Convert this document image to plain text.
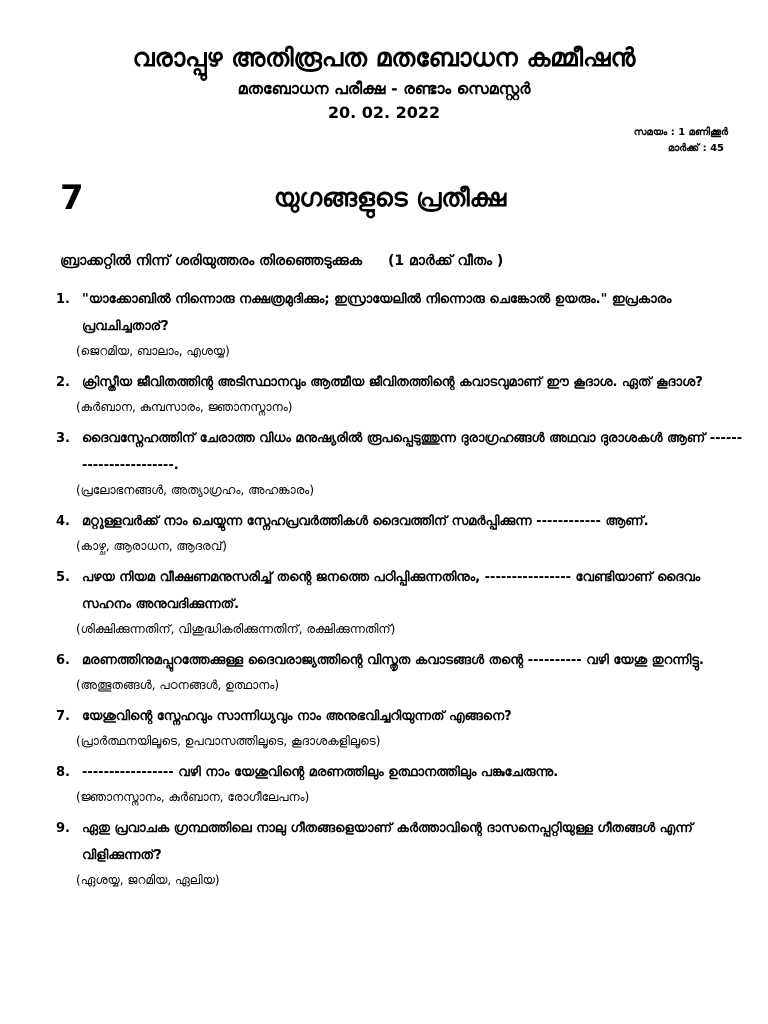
വരാപ്പുഴ അതിരൂപത മതബോധന കമ്മീഷൻ
മതബോധന പരീക്ഷ - രണ്ടാം സെമസ്റ്റർ
20. 02. 2022
സമയം : 1 മണിക്കൂർ
മാർക്ക് : 45
7	യുഗങ്ങളുടെ പ്രതീക്ഷ
ബ്രാക്കറ്റിൽ നിന്ന് ശരിയുത്തരം തിരഞ്ഞെടുക്കുക (1 മാർക്ക് വീതം )
1. "യാക്കോബിൽ നിന്നൊരു നക്ഷത്രമുദിക്കും; ഇസ്രായേലിൽ നിന്നൊരു ചെങ്കോൽ ഉയരും." ഇപ്രകാരം പ്രവചിച്ചതാര്?
(ജെറമിയ, ബാലാം, എശയ്യ)
2. ക്രിസ്തീയ ജീവിതത്തിന്റ അടിസ്ഥാനവും ആത്മീയ ജീവിതത്തിന്റെ കവാടവുമാണ് ഈ കൂദാശ. ഏത് കൂദാശ?
(കുർബാന, കുമ്പസാരം, ജ്ഞാനസ്നാനം)
3. ദൈവസ്നേഹത്തിന് ചേരാത്ത വിധം മനുഷ്യരിൽ രൂപപ്പെടുത്തുന്ന ദുരാഗ്രഹങ്ങൾ അഥവാ ദുരാശകൾ ആണ് -----------------------.
(പ്രലോഭനങ്ങൾ, അത്യാഗ്രഹം, അഹങ്കാരം)
4. മറ്റുള്ളവർക്ക് നാം ചെയ്യുന്ന സ്നേഹപ്രവർത്തികൾ ദൈവത്തിന് സമർപ്പിക്കുന്ന ------------ ആണ്.
(കാഴ്ച, ആരാധന, ആദരവ്)
5. പഴയ നിയമ വീക്ഷണമനുസരിച്ച് തന്റെ ജനത്തെ പഠിപ്പിക്കുന്നതിനും, ---------------- വേണ്ടിയാണ് ദൈവം സഹനം അനുവദിക്കുന്നത്.
(ശിക്ഷിക്കുന്നതിന്, വിശുദ്ധികരിക്കുന്നതിന്, രക്ഷിക്കുന്നതിന്)
6. മരണത്തിനുമപ്പുറത്തേക്കുള്ള ദൈവരാജ്യത്തിന്റെ വിസ്തൃത കവാടങ്ങൾ തന്റെ ---------- വഴി യേശു തുറന്നിട്ടു.
(അത്ഭുതങ്ങൾ, പഠനങ്ങൾ, ഉത്ഥാനം)
7. യേശുവിന്റെ സ്നേഹവും സാന്നിധ്യവും നാം അനുഭവിച്ചറിയുന്നത് എങ്ങനെ?
(പ്രാർത്ഥനയിലൂടെ, ഉപവാസത്തിലൂടെ, കൂദാശകളിലൂടെ)
8. ----------------- വഴി നാം യേശുവിന്റെ മരണത്തിലും ഉത്ഥാനത്തിലും പങ്കുചേരുന്നു.
(ജ്ഞാനസ്നാനം, കുർബാന, രോഗീലേപനം)
9. ഏതു പ്രവാചക ഗ്രന്ഥത്തിലെ നാലു ഗീതങ്ങളെയാണ് കർത്താവിന്റെ ദാസനെപ്പറ്റിയുള്ള ഗീതങ്ങൾ എന്ന് വിളിക്കുന്നത്?
(ഏശയ്യ, ജറമിയ, ഏലിയ)
